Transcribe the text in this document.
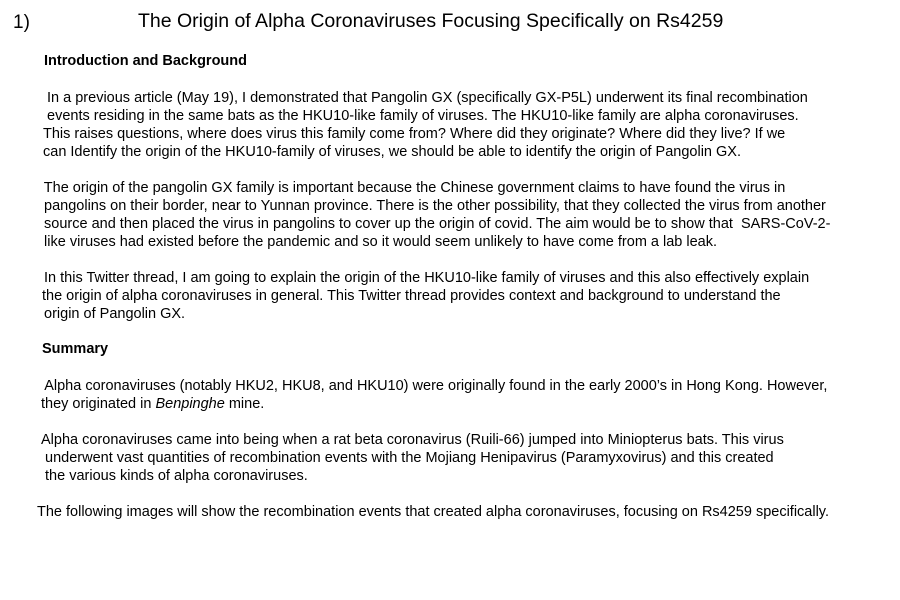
1)	The Origin of Alpha Coronaviruses Focusing Specifically on Rs4259
Introduction and Background
In a previous article (May 19), I demonstrated that Pangolin GX (specifically GX-P5L) underwent its final recombination
events residing in the same bats as the HKU10-like family of viruses. The HKU10-like family are alpha coronaviruses.
This raises questions, where does virus this family come from? Where did they originate? Where did they live? If we
can Identify the origin of the HKU10-family of viruses, we should be able to identify the origin of Pangolin GX.
The origin of the pangolin GX family is important because the Chinese government claims to have found the virus in
pangolins on their border, near to Yunnan province. There is the other possibility, that they collected the virus from another
source and then placed the virus in pangolins to cover up the origin of covid. The aim would be to show that  SARS-CoV-2-
like viruses had existed before the pandemic and so it would seem unlikely to have come from a lab leak.
In this Twitter thread, I am going to explain the origin of the HKU10-like family of viruses and this also effectively explain
the origin of alpha coronaviruses in general. This Twitter thread provides context and background to understand the
origin of Pangolin GX.
Summary
Alpha coronaviruses (notably HKU2, HKU8, and HKU10) were originally found in the early 2000’s in Hong Kong. However,
they originated in Benpinghe mine.
Alpha coronaviruses came into being when a rat beta coronavirus (Ruili-66) jumped into Miniopterus bats. This virus
underwent vast quantities of recombination events with the Mojiang Henipavirus (Paramyxovirus) and this created
the various kinds of alpha coronaviruses.
The following images will show the recombination events that created alpha coronaviruses, focusing on Rs4259 specifically.
